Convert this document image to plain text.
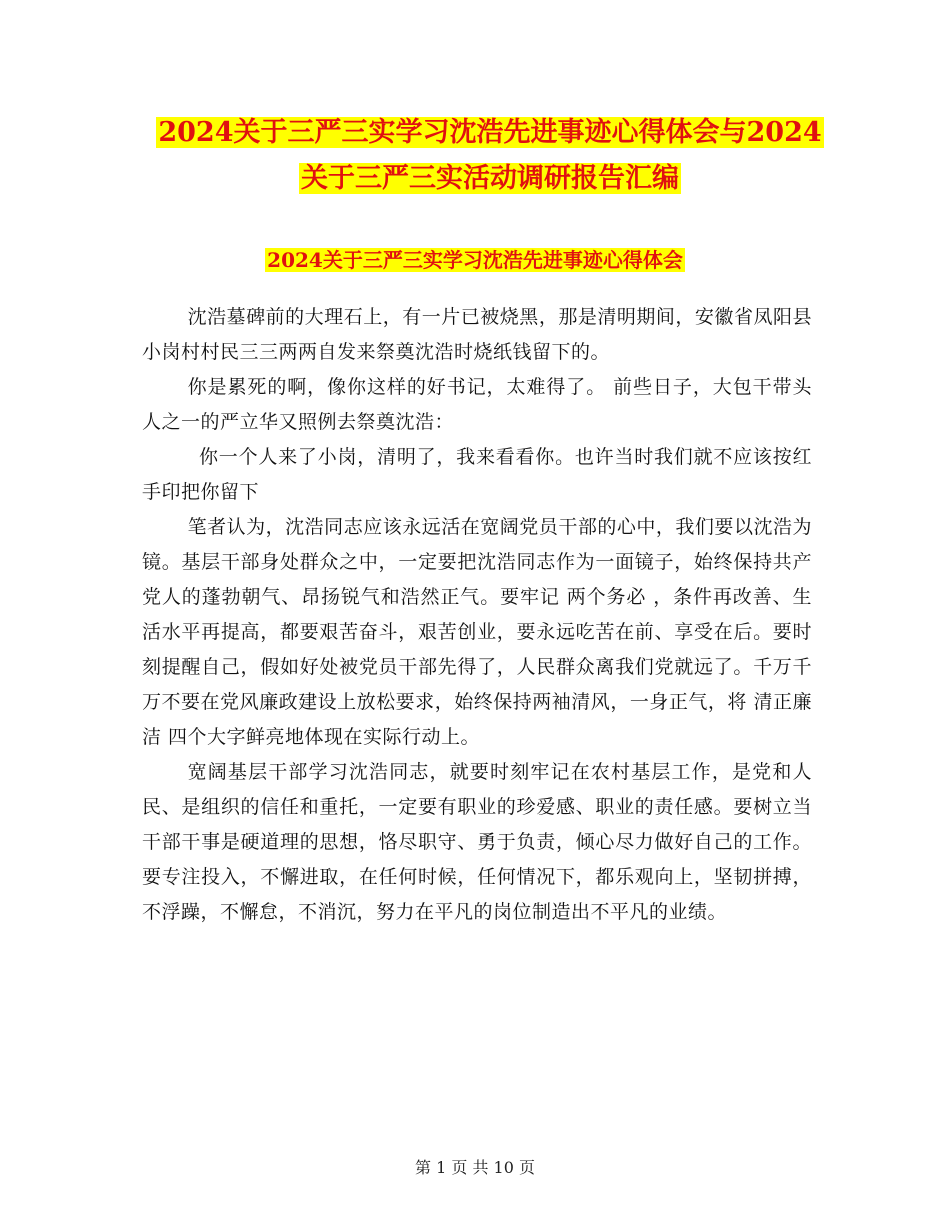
2024关于三严三实学习沈浩先进事迹心得体会与2024
关于三严三实活动调研报告汇编
2024关于三严三实学习沈浩先进事迹心得体会

沈浩墓碑前的大理石上，有一片已被烧黑，那是清明期间，安徽省凤阳县小岗村村民三三两两自发来祭奠沈浩时烧纸钱留下的。

你是累死的啊，像你这样的好书记，太难得了。 前些日子，大包干带头人之一的严立华又照例去祭奠沈浩：

你一个人来了小岗，清明了，我来看看你。也许当时我们就不应该按红手印把你留下

笔者认为，沈浩同志应该永远活在宽阔党员干部的心中，我们要以沈浩为镜。基层干部身处群众之中，一定要把沈浩同志作为一面镜子，始终保持共产党人的蓬勃朝气、昂扬锐气和浩然正气。要牢记 两个务必 ，条件再改善、生活水平再提高，都要艰苦奋斗，艰苦创业，要永远吃苦在前、享受在后。要时刻提醒自己，假如好处被党员干部先得了，人民群众离我们党就远了。千万千万不要在党风廉政建设上放松要求，始终保持两袖清风，一身正气，将 清正廉洁 四个大字鲜亮地体现在实际行动上。

宽阔基层干部学习沈浩同志，就要时刻牢记在农村基层工作，是党和人民、是组织的信任和重托，一定要有职业的珍爱感、职业的责任感。要树立当干部干事是硬道理的思想，恪尽职守、勇于负责，倾心尽力做好自己的工作。要专注投入，不懈进取，在任何时候，任何情况下，都乐观向上，坚韧拼搏，不浮躁，不懈怠，不消沉，努力在平凡的岗位制造出不平凡的业绩。

第 1 页 共 10 页
